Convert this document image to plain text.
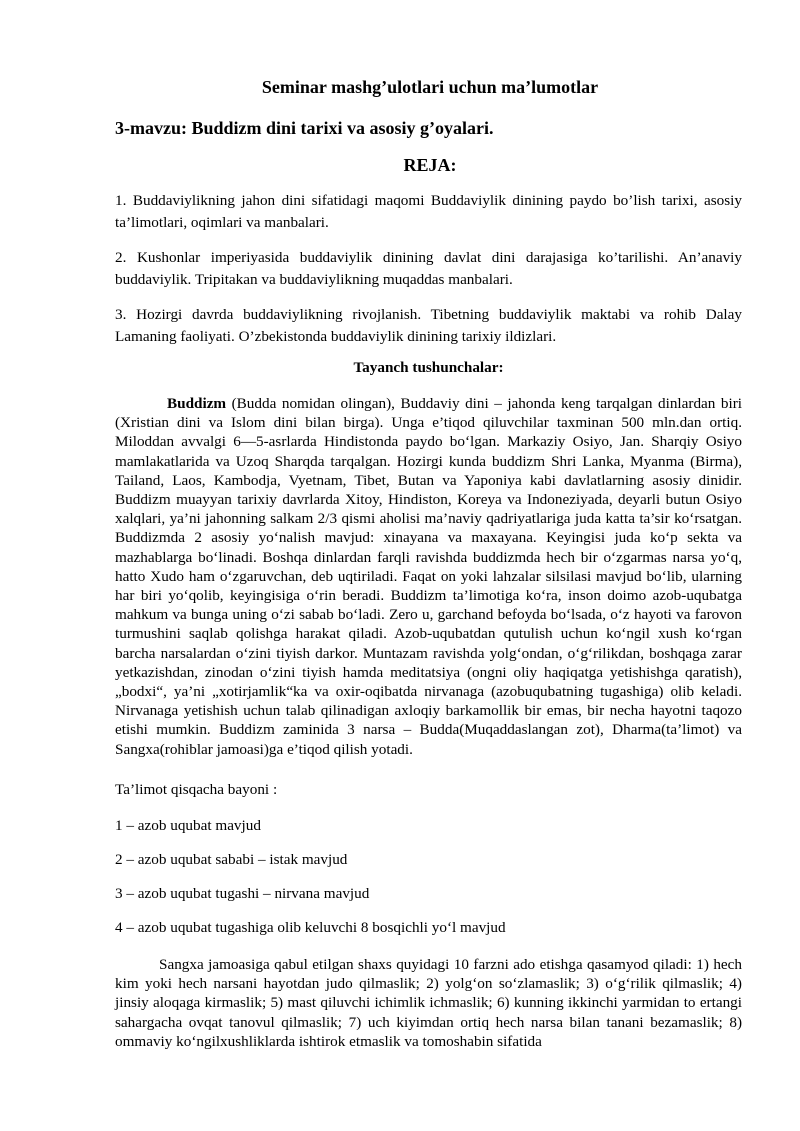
Seminar mashg’ulotlari uchun ma’lumotlar
3-mavzu: Buddizm dini tarixi va asosiy g’oyalari.
REJA:
1. Buddaviylikning jahon dini sifatidagi maqomi Buddaviylik dinining paydo bo’lish tarixi, asosiy ta’limotlari, oqimlari va manbalari.
2. Kushonlar imperiyasida buddaviylik dinining davlat dini darajasiga ko’tarilishi. An’anaviy buddaviylik. Tripitakan va buddaviylikning muqaddas manbalari.
3. Hozirgi davrda buddaviylikning rivojlanish. Tibetning buddaviylik maktabi va rohib Dalay Lamaning faoliyati. O’zbekistonda buddaviylik dinining tarixiy ildizlari.
Tayanch tushunchalar:
Buddizm (Budda nomidan olingan), Buddaviy dini – jahonda keng tarqalgan dinlardan biri (Xristian dini va Islom dini bilan birga). Unga e’tiqod qiluvchilar taxminan 500 mln.dan ortiq. Miloddan avvalgi 6—5-asrlarda Hindistonda paydo bo‘lgan. Markaziy Osiyo, Jan. Sharqiy Osiyo mamlakatlarida va Uzoq Sharqda tarqalgan. Hozirgi kunda buddizm Shri Lanka, Myanma (Birma), Tailand, Laos, Kambodja, Vyetnam, Tibet, Butan va Yaponiya kabi davlatlarning asosiy dinidir. Buddizm muayyan tarixiy davrlarda Xitoy, Hindiston, Koreya va Indoneziyada, deyarli butun Osiyo xalqlari, ya’ni jahonning salkam 2/3 qismi aholisi ma’naviy qadriyatlariga juda katta ta’sir ko‘rsatgan. Buddizmda 2 asosiy yo‘nalish mavjud: xinayana va maxayana. Keyingisi juda ko‘p sekta va mazhablarga bo‘linadi. Boshqa dinlardan farqli ravishda buddizmda hech bir o‘zgarmas narsa yo‘q, hatto Xudo ham o‘zgaruvchan, deb uqtiriladi. Faqat on yoki lahzalar silsilasi mavjud bo‘lib, ularning har biri yo‘qolib, keyingisiga o‘rin beradi. Buddizm ta’limotiga ko‘ra, inson doimo azob-uqubatga mahkum va bunga uning o‘zi sabab bo‘ladi. Zero u, garchand befoyda bo‘lsada, o‘z hayoti va farovon turmushini saqlab qolishga harakat qiladi. Azob-uqubatdan qutulish uchun ko‘ngil xush ko‘rgan barcha narsalardan o‘zini tiyish darkor. Muntazam ravishda yolg‘ondan, o‘g‘rilikdan, boshqaga zarar yetkazishdan, zinodan o‘zini tiyish hamda meditatsiya (ongni oliy haqiqatga yetishishga qaratish), „bodxi“, ya’ni „xotirjamlik“ka va oxir-oqibatda nirvanaga (azobuqubatning tugashiga) olib keladi. Nirvanaga yetishish uchun talab qilinadigan axloqiy barkamollik bir emas, bir necha hayotni taqozo etishi mumkin. Buddizm zaminida 3 narsa – Budda(Muqaddaslangan zot), Dharma(ta’limot) va Sangxa(rohiblar jamoasi)ga e’tiqod qilish yotadi.
Ta’limot qisqacha bayoni :
1 – azob uqubat mavjud
2 – azob uqubat sababi – istak mavjud
3 – azob uqubat tugashi – nirvana mavjud
4 – azob uqubat tugashiga olib keluvchi 8 bosqichli yo‘l mavjud
Sangxa jamoasiga qabul etilgan shaxs quyidagi 10 farzni ado etishga qasamyod qiladi: 1) hech kim yoki hech narsani hayotdan judo qilmaslik; 2) yolg‘on so‘zlamaslik; 3) o‘g‘rilik qilmaslik; 4) jinsiy aloqaga kirmaslik; 5) mast qiluvchi ichimlik ichmaslik; 6) kunning ikkinchi yarmidan to ertangi sahargacha ovqat tanovul qilmaslik; 7) uch kiyimdan ortiq hech narsa bilan tanani bezamaslik; 8) ommaviy ko‘ngilxushliklarda ishtirok etmaslik va tomoshabin sifatida
